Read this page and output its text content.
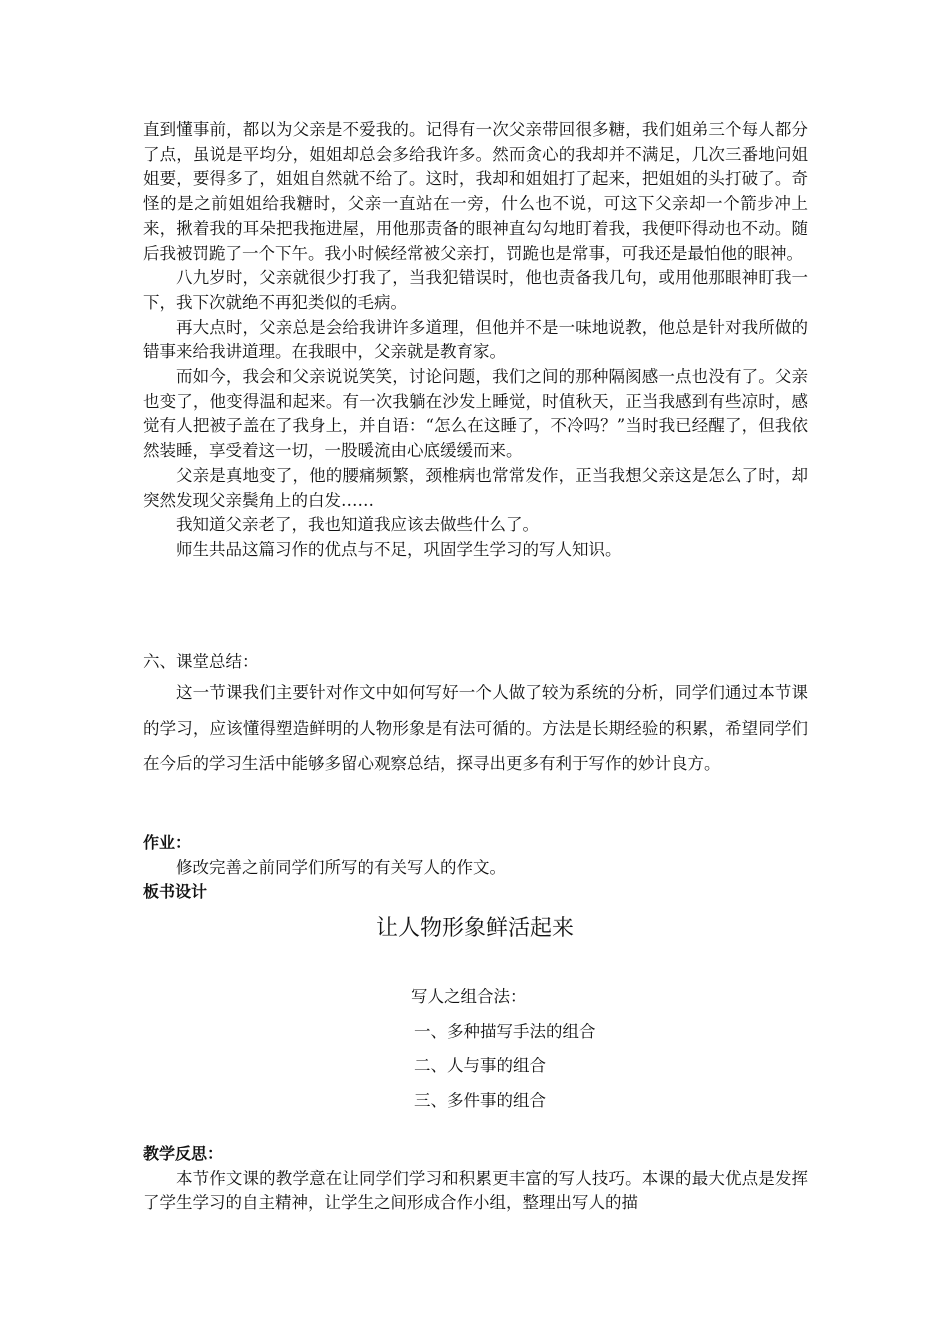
直到懂事前，都以为父亲是不爱我的。记得有一次父亲带回很多糖，我们姐弟三个每人都分了点，虽说是平均分，姐姐却总会多给我许多。然而贪心的我却并不满足，几次三番地问姐姐要，要得多了，姐姐自然就不给了。这时，我却和姐姐打了起来，把姐姐的头打破了。奇怪的是之前姐姐给我糖时，父亲一直站在一旁，什么也不说，可这下父亲却一个箭步冲上来，揪着我的耳朵把我拖进屋，用他那责备的眼神直勾勾地盯着我，我便吓得动也不动。随后我被罚跪了一个下午。我小时候经常被父亲打，罚跪也是常事，可我还是最怕他的眼神。

八九岁时，父亲就很少打我了，当我犯错误时，他也责备我几句，或用他那眼神盯我一下，我下次就绝不再犯类似的毛病。

再大点时，父亲总是会给我讲许多道理，但他并不是一味地说教，他总是针对我所做的错事来给我讲道理。在我眼中，父亲就是教育家。

而如今，我会和父亲说说笑笑，讨论问题，我们之间的那种隔阂感一点也没有了。父亲也变了，他变得温和起来。有一次我躺在沙发上睡觉，时值秋天，正当我感到有些凉时，感觉有人把被子盖在了我身上，并自语：“怎么在这睡了，不冷吗？”当时我已经醒了，但我依然装睡，享受着这一切，一股暖流由心底缓缓而来。

父亲是真地变了，他的腰痛频繁，颈椎病也常常发作，正当我想父亲这是怎么了时，却突然发现父亲鬓角上的白发……

我知道父亲老了，我也知道我应该去做些什么了。

师生共品这篇习作的优点与不足，巩固学生学习的写人知识。

六、课堂总结：

这一节课我们主要针对作文中如何写好一个人做了较为系统的分析，同学们通过本节课的学习，应该懂得塑造鲜明的人物形象是有法可循的。方法是长期经验的积累，希望同学们在今后的学习生活中能够多留心观察总结，探寻出更多有利于写作的妙计良方。

作业：

修改完善之前同学们所写的有关写人的作文。

板书设计

让人物形象鲜活起来

写人之组合法：

一、多种描写手法的组合

二、人与事的组合

三、多件事的组合

教学反思：

本节作文课的教学意在让同学们学习和积累更丰富的写人技巧。本课的最大优点是发挥了学生学习的自主精神，让学生之间形成合作小组，整理出写人的描
